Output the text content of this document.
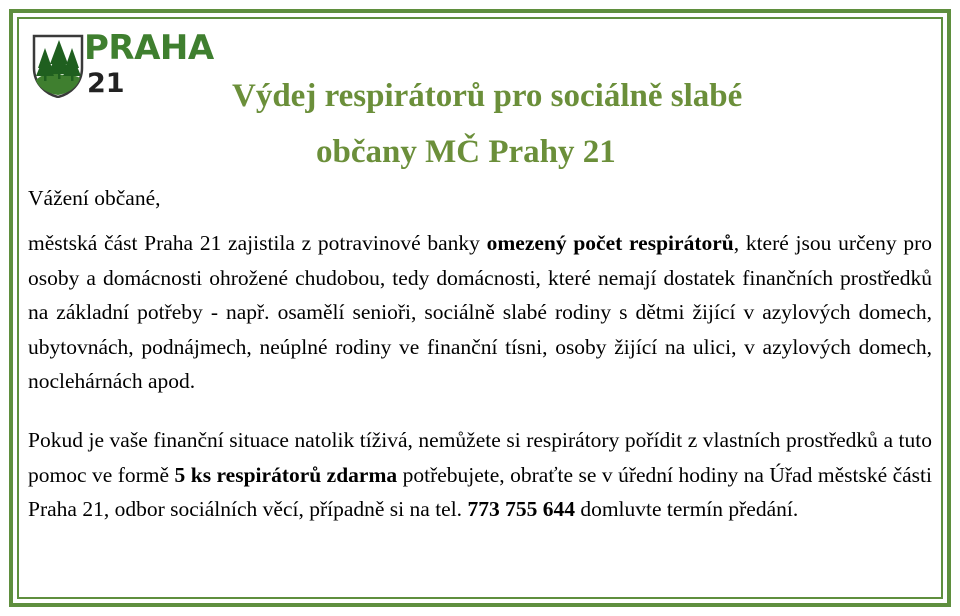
PRAHA
21	Výdej respirátorů pro sociálně slabé
občany MČ Prahy 21
Vážení občané,
městská část Praha 21 zajistila z potravinové banky omezený počet respirátorů, které jsou určeny pro osoby a domácnosti ohrožené chudobou, tedy domácnosti, které nemají dostatek finančních prostředků na základní potřeby - např. osamělí senioři, sociálně slabé rodiny s dětmi žijící v azylových domech, ubytovnách, podnájmech, neúplné rodiny ve finanční tísni, osoby žijící na ulici, v azylových domech, noclehárnách apod.
Pokud je vaše finanční situace natolik tíživá, nemůžete si respirátory pořídit z vlastních prostředků a tuto pomoc ve formě 5 ks respirátorů zdarma potřebujete, obraťte se v úřední hodiny na Úřad městské části Praha 21, odbor sociálních věcí, případně si na tel. 773 755 644 domluvte termín předání.
